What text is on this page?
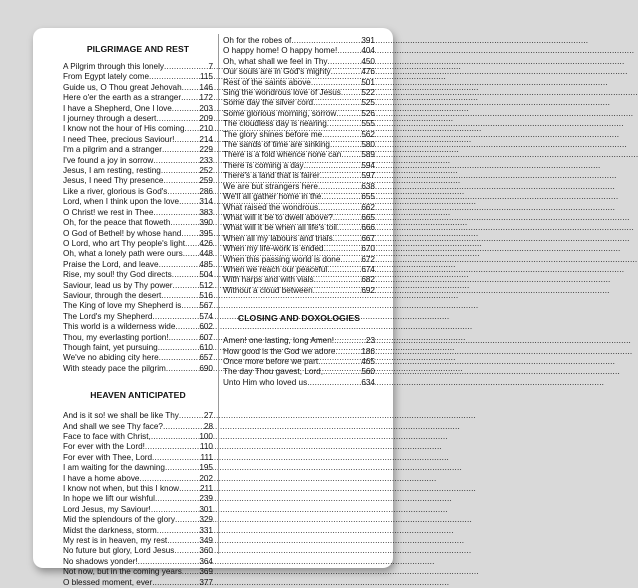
PILGRIMAGE AND REST
A Pilgrim through this lonely .....	7
From Egypt lately come .....	115
Guide us, O Thou great Jehovah ..... 146
Here o'er the earth as a stranger ..... 172
I have a Shepherd, One I love .....	203
I journey through a desert .....	209
I know not the hour of His coming ..... 210
I need Thee, precious Saviour! .....	214
I'm a pilgrim and a stranger .....	229
I've found a joy in sorrow .....	233
Jesus, I am resting, resting .....	252
Jesus, I need Thy presence .....	259
Like a river, glorious is God's .....	286
Lord, when I think upon the love ..... 314
O Christ! we rest in Thee .....	383
Oh, for the peace that floweth .....	390
O God of Bethel! by whose hand ..... 395
O Lord, who art Thy people's light ..... 426
Oh, what a lonely path were ours ..... 448
Praise the Lord, and leave .....	485
Rise, my soul! thy God directs .....	504
Saviour, lead us by Thy power .....	512
Saviour, through the desert .....	516
The King of love my Shepherd is ..... 567
The Lord's my Shepherd .....	574
This world is a wilderness wide .....	602
Thou, my everlasting portion! .....	607
Though faint, yet pursuing .....	610
We've no abiding city here .....	657
With steady pace the pilgrim .....	690
HEAVEN ANTICIPATED
And is it so! we shall be like Thy .....	27
And shall we see Thy face? .....	28
Face to face with Christ, .....	100
For ever with the Lord! .....	110
For ever with Thee, Lord .....	111
I am waiting for the dawning .....	195
I have a home above .....	202
I know not when, but this I know .....	211
In hope we lift our wishful .....	239
Lord Jesus, my Saviour! .....	301
Mid the splendours of the glory .....	329
Midst the darkness, storm .....	331
My rest is in heaven, my rest .....	349
No future but glory, Lord Jesus .....	360
No shadows yonder! .....	364
Not now, but in the coming years ..... 369
O blessed moment, ever .....	377
Oh for the robes of .....	391
O happy home! O happy home! .....	404
Oh, what shall we feel in Thy .....	450
Our souls are in God's mighty .....	476
Rest of the saints above .....	501
Sing the wondrous love of Jesus ..... 522
Some day the silver cord .....	525
Some glorious morning, sorrow .....	526
The cloudless day is nearing .....	555
The glory shines before me .....	562
The sands of time are sinking .....	580
There is a fold whence none can ..... 589
There is coming a day .....	594
There's a land that is fairer .....	597
We are but strangers here .....	638
We'll all gather home in the .....	655
What raised the wondrous .....	662
What will it be to dwell above? .....	665
What will it be when all life's toil .....	666
When all my labours and trials .....	667
When my life-work is ended .....	670
When this passing world is done .....	672
When we reach our peaceful .....	674
With harps and with vials .....	682
Without a cloud between .....	692
CLOSING AND DOXOLOGIES
Amen! one lasting, long Amen! .....	23
How good is the God we adore .....	186
Once more before we part .....	465
The day Thou gavest, Lord, .....	560
Unto Him who loved us .....	634
